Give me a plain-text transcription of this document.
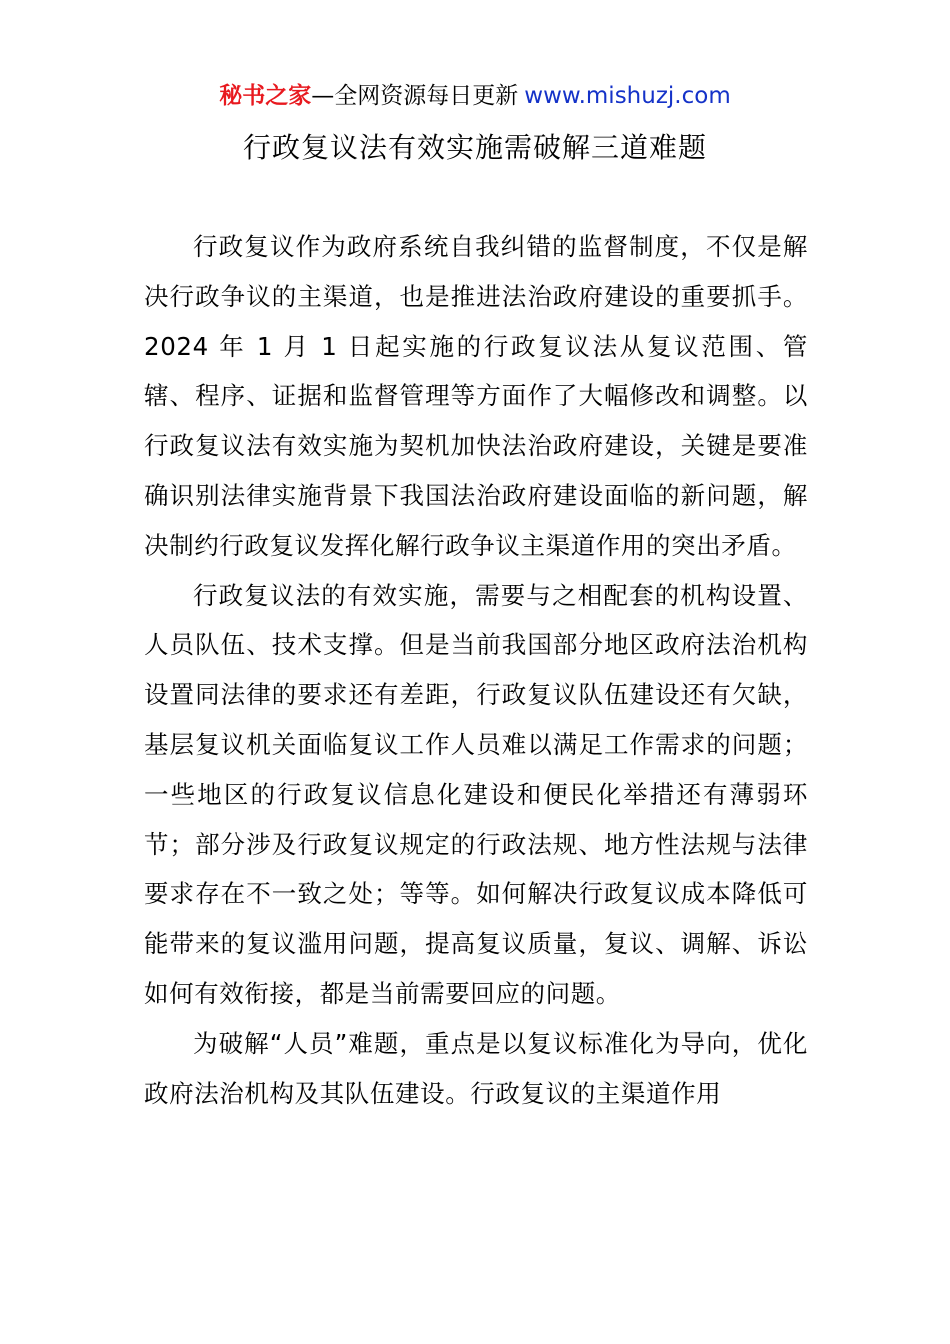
秘书之家—全网资源每日更新 www.mishuzj.com
行政复议法有效实施需破解三道难题

行政复议作为政府系统自我纠错的监督制度，不仅是解决行政争议的主渠道，也是推进法治政府建设的重要抓手。2024 年 1 月 1 日起实施的行政复议法从复议范围、管辖、程序、证据和监督管理等方面作了大幅修改和调整。以行政复议法有效实施为契机加快法治政府建设，关键是要准确识别法律实施背景下我国法治政府建设面临的新问题，解决制约行政复议发挥化解行政争议主渠道作用的突出矛盾。

行政复议法的有效实施，需要与之相配套的机构设置、人员队伍、技术支撑。但是当前我国部分地区政府法治机构设置同法律的要求还有差距，行政复议队伍建设还有欠缺，基层复议机关面临复议工作人员难以满足工作需求的问题；一些地区的行政复议信息化建设和便民化举措还有薄弱环节；部分涉及行政复议规定的行政法规、地方性法规与法律要求存在不一致之处；等等。如何解决行政复议成本降低可能带来的复议滥用问题，提高复议质量，复议、调解、诉讼如何有效衔接，都是当前需要回应的问题。

为破解“人员”难题，重点是以复议标准化为导向，优化政府法治机构及其队伍建设。行政复议的主渠道作用
